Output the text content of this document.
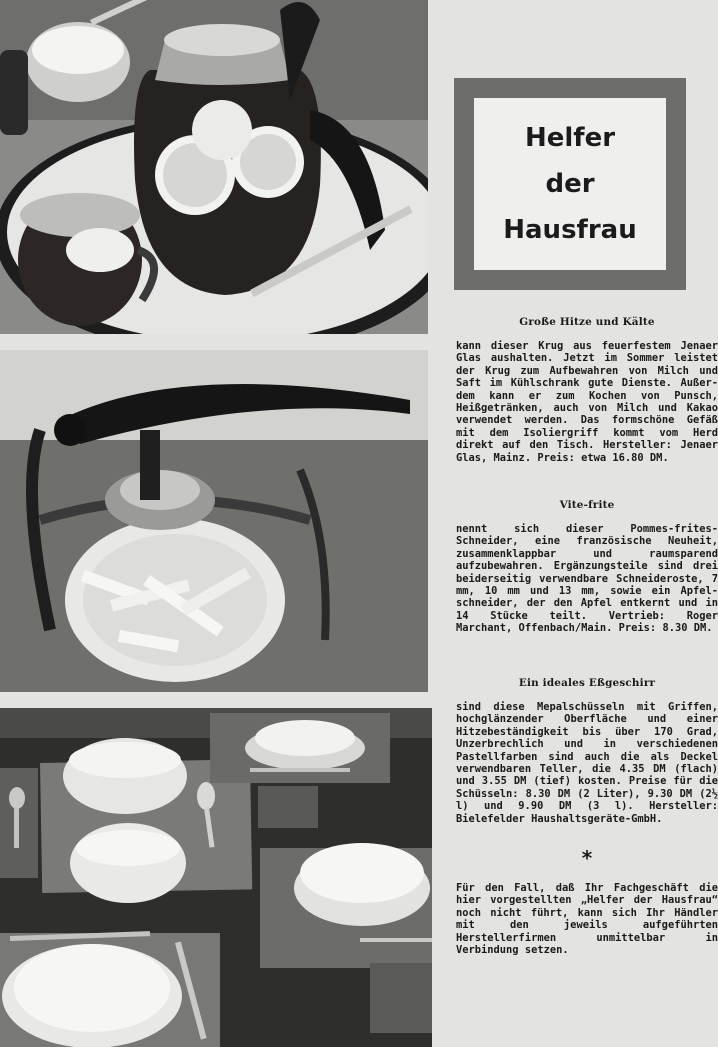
Helfer
der
Hausfrau

Große Hitze und Kälte

kann dieser Krug aus feuerfestem Jenaer Glas aushalten. Jetzt im Sommer leistet der Krug zum Aufbewahren von Milch und Saft im Kühlschrank gute Dienste. Außerdem kann er zum Kochen von Punsch, Heißgetränken, auch von Milch und Kakao verwendet werden. Das formschöne Gefäß mit dem Isoliergriff kommt vom Herd direkt auf den Tisch. Hersteller: Jenaer Glas, Mainz. Preis: etwa 16.80 DM.

Vite-frite

nennt sich dieser Pommes-frites-Schneider, eine französische Neuheit, zusammenklappbar und raumsparend aufzubewahren. Ergänzungsteile sind drei beiderseitig verwendbare Schneideroste, 7 mm, 10 mm und 13 mm, sowie ein Apfelschneider, der den Apfel entkernt und in 14 Stücke teilt. Vertrieb: Roger Marchant, Offenbach/Main. Preis: 8.30 DM.

Ein ideales Eßgeschirr

sind diese Mepalschüsseln mit Griffen, hochglänzender Oberfläche und einer Hitzebeständigkeit bis über 170 Grad, Unzerbrechlich und in verschiedenen Pastellfarben sind auch die als Deckel verwendbaren Teller, die 4.35 DM (flach) und 3.55 DM (tief) kosten. Preise für die Schüsseln: 8.30 DM (2 Liter), 9.30 DM (2½ l) und 9.90 DM (3 l). Hersteller: Bielefelder Haushaltsgeräte-GmbH.

*

Für den Fall, daß Ihr Fachgeschäft die hier vorgestellten „Helfer der Hausfrau“ noch nicht führt, kann sich Ihr Händler mit den jeweils aufgeführten Herstellerfirmen unmittelbar in Verbindung setzen.
